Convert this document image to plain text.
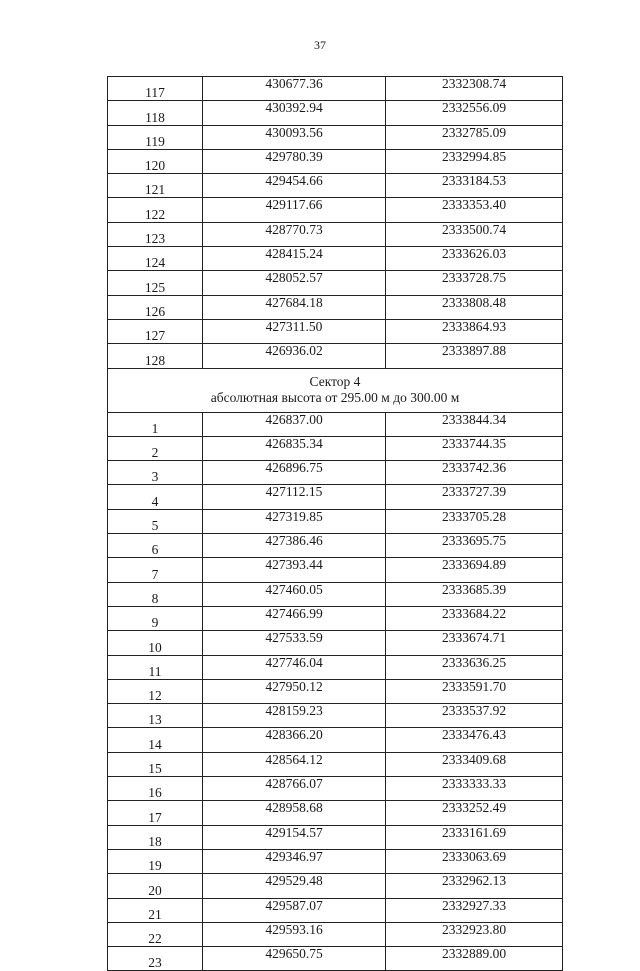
37
117	430677.36	2332308.74
118	430392.94	2332556.09
119	430093.56	2332785.09
120	429780.39	2332994.85
121	429454.66	2333184.53
122	429117.66	2333353.40
123	428770.73	2333500.74
124	428415.24	2333626.03
125	428052.57	2333728.75
126	427684.18	2333808.48
127	427311.50	2333864.93
128	426936.02	2333897.88

Сектор 4
абсолютная высота от 295.00 м до 300.00 м		

1	426837.00	2333844.34
2	426835.34	2333744.35
3	426896.75	2333742.36
4	427112.15	2333727.39
5	427319.85	2333705.28
6	427386.46	2333695.75
7	427393.44	2333694.89
8	427460.05	2333685.39
9	427466.99	2333684.22
10	427533.59	2333674.71
11	427746.04	2333636.25
12	427950.12	2333591.70
13	428159.23	2333537.92
14	428366.20	2333476.43
15	428564.12	2333409.68
16	428766.07	2333333.33
17	428958.68	2333252.49
18	429154.57	2333161.69
19	429346.97	2333063.69
20	429529.48	2332962.13
21	429587.07	2332927.33
22	429593.16	2332923.80
23	429650.75	2332889.00
